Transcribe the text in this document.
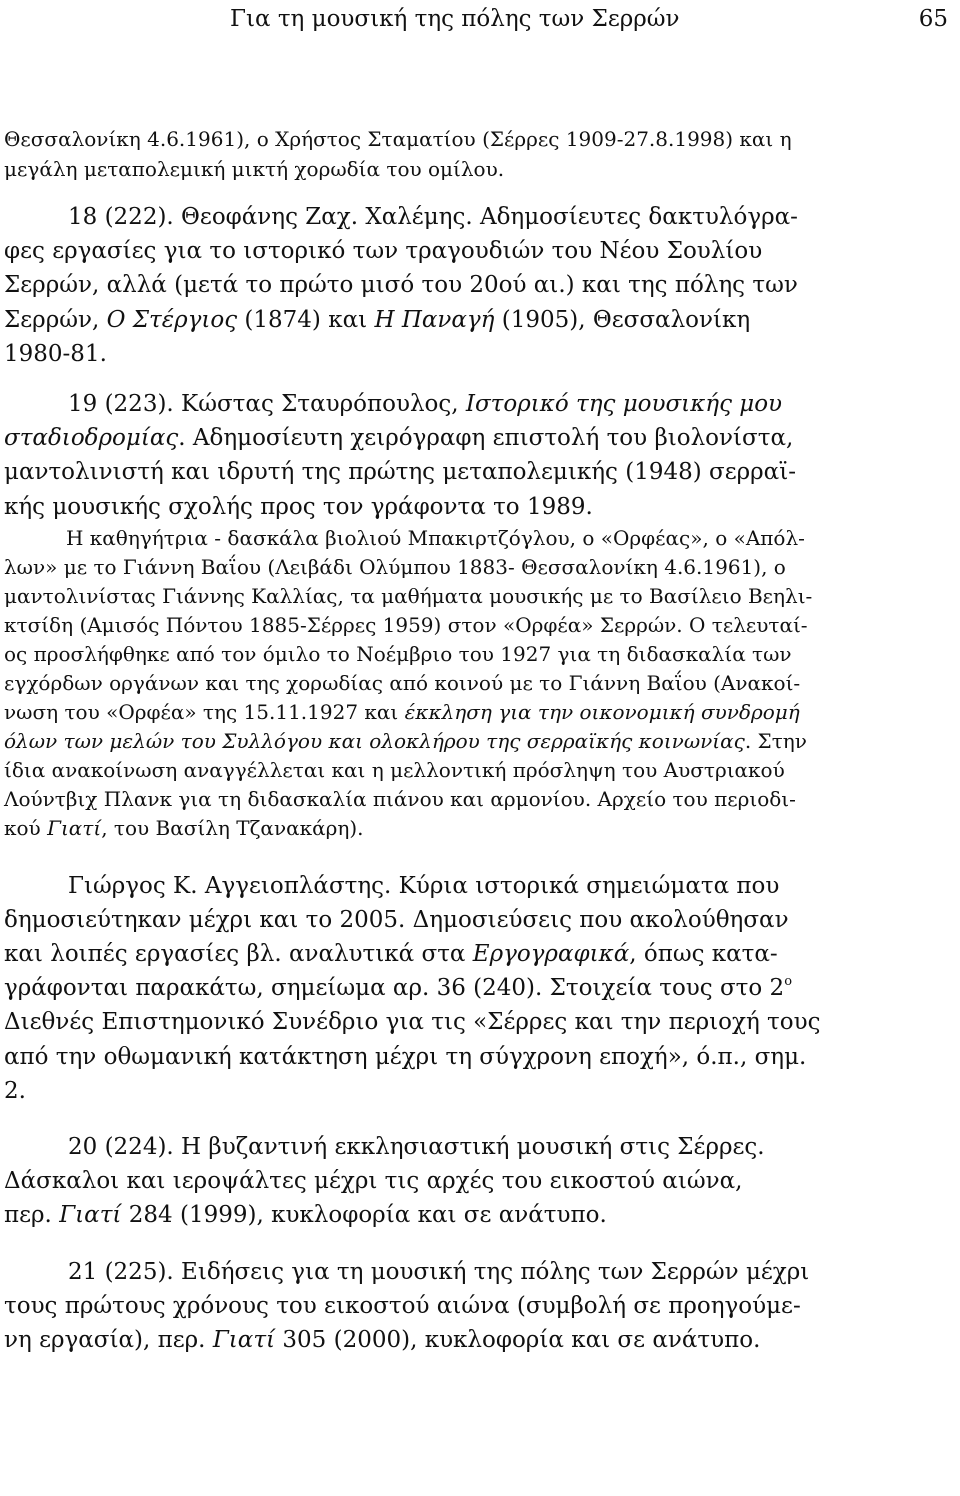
Για τη μουσική της πόλης των Σερρών	65
Θεσσαλονίκη 4.6.1961), ο Χρήστος Σταματίου (Σέρρες 1909-27.8.1998) και η
μεγάλη μεταπολεμική μικτή χορωδία του ομίλου.
18 (222). Θεοφάνης Ζαχ. Χαλέμης. Αδημοσίευτες δακτυλόγρα-
φες εργασίες για το ιστορικό των τραγουδιών του Νέου Σουλίου
Σερρών, αλλά (μετά το πρώτο μισό του 20ού αι.) και της πόλης των
Σερρών, Ο Στέργιος (1874) και Η Παναγή (1905), Θεσσαλονίκη
1980-81.
19 (223). Κώστας Σταυρόπουλος, Ιστορικό της μουσικής μου
σταδιοδρομίας. Αδημοσίευτη χειρόγραφη επιστολή του βιολονίστα,
μαντολινιστή και ιδρυτή της πρώτης μεταπολεμικής (1948) σερραϊ-
κής μουσικής σχολής προς τον γράφοντα το 1989.
Η καθηγήτρια - δασκάλα βιολιού Μπακιρτζόγλου, ο «Ορφέας», ο «Απόλ-
λων» με το Γιάννη Βαΐου (Λειβάδι Ολύμπου 1883- Θεσσαλονίκη 4.6.1961), ο
μαντολινίστας Γιάννης Καλλίας, τα μαθήματα μουσικής με το Βασίλειο Βεηλι-
κτσίδη (Αμισός Πόντου 1885-Σέρρες 1959) στον «Ορφέα» Σερρών. Ο τελευταί-
ος προσλήφθηκε από τον όμιλο το Νοέμβριο του 1927 για τη διδασκαλία των
εγχόρδων οργάνων και της χορωδίας από κοινού με το Γιάννη Βαΐου (Ανακοί-
νωση του «Ορφέα» της 15.11.1927 και έκκληση για την οικονομική συνδρομή
όλων των μελών του Συλλόγου και ολοκλήρου της σερραϊκής κοινωνίας. Στην
ίδια ανακοίνωση αναγγέλλεται και η μελλοντική πρόσληψη του Αυστριακού
Λούντβιχ Πλανκ για τη διδασκαλία πιάνου και αρμονίου. Αρχείο του περιοδι-
κού Γιατί, του Βασίλη Τζανακάρη).
Γιώργος Κ. Αγγειοπλάστης. Κύρια ιστορικά σημειώματα που
δημοσιεύτηκαν μέχρι και το 2005. Δημοσιεύσεις που ακολούθησαν
και λοιπές εργασίες βλ. αναλυτικά στα Εργογραφικά, όπως κατα-
γράφονται παρακάτω, σημείωμα αρ. 36 (240). Στοιχεία τους στο $2^o$
Διεθνές Επιστημονικό Συνέδριο για τις «Σέρρες και την περιοχή τους
από την οθωμανική κατάκτηση μέχρι τη σύγχρονη εποχή», ό.π., σημ.
2.
20 (224). Η βυζαντινή εκκλησιαστική μουσική στις Σέρρες.
Δάσκαλοι και ιεροψάλτες μέχρι τις αρχές του εικοστού αιώνα,
περ. Γιατί 284 (1999), κυκλοφορία και σε ανάτυπο.
21 (225). Ειδήσεις για τη μουσική της πόλης των Σερρών μέχρι
τους πρώτους χρόνους του εικοστού αιώνα (συμβολή σε προηγούμε-
νη εργασία), περ. Γιατί 305 (2000), κυκλοφορία και σε ανάτυπο.
